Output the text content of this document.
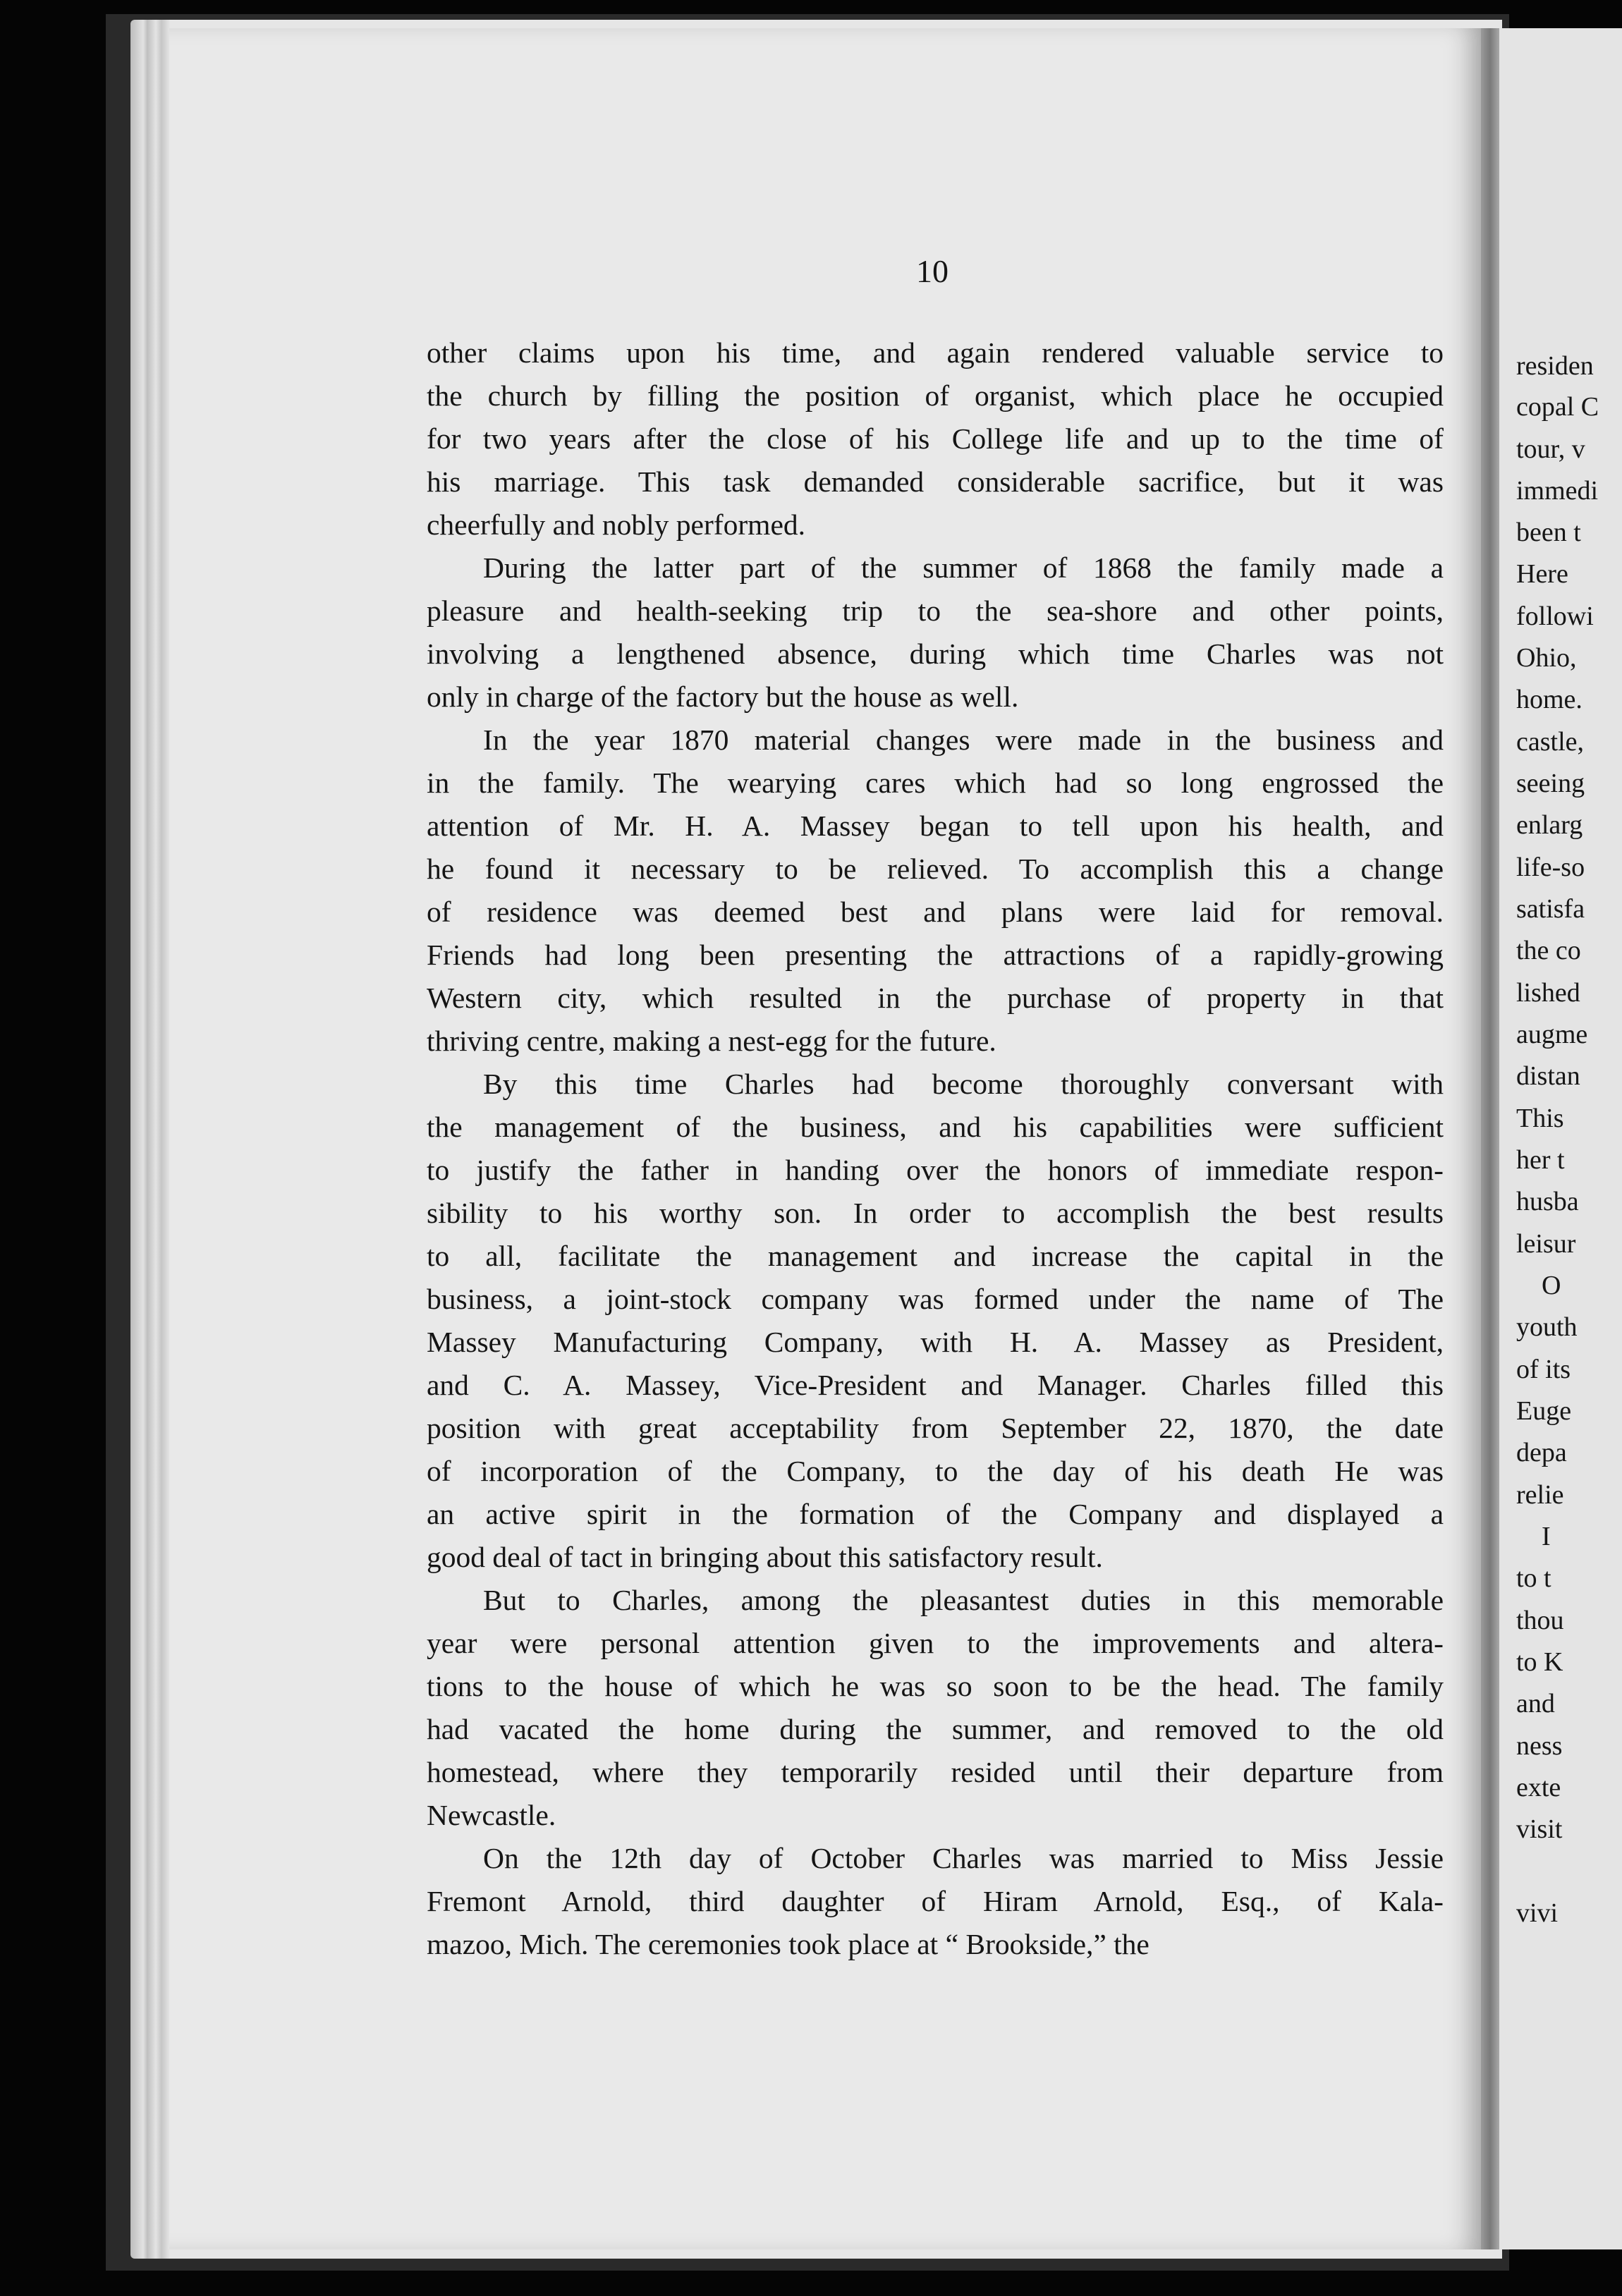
10
other claims upon his time, and again rendered valuable service to
the church by filling the position of organist, which place he occupied
for two years after the close of his College life and up to the time of
his marriage. This task demanded considerable sacrifice, but it was
cheerfully and nobly performed.
During the latter part of the summer of 1868 the family made a
pleasure and health-seeking trip to the sea-shore and other points,
involving a lengthened absence, during which time Charles was not
only in charge of the factory but the house as well.
In the year 1870 material changes were made in the business and
in the family. The wearying cares which had so long engrossed the
attention of Mr. H. A. Massey began to tell upon his health, and
he found it necessary to be relieved. To accomplish this a change
of residence was deemed best and plans were laid for removal.
Friends had long been presenting the attractions of a rapidly-growing
Western city, which resulted in the purchase of property in that
thriving centre, making a nest-egg for the future.
By this time Charles had become thoroughly conversant with
the management of the business, and his capabilities were sufficient
to justify the father in handing over the honors of immediate respon-
sibility to his worthy son. In order to accomplish the best results
to all, facilitate the management and increase the capital in the
business, a joint-stock company was formed under the name of The
Massey Manufacturing Company, with H. A. Massey as President,
and C. A. Massey, Vice-President and Manager. Charles filled this
position with great acceptability from September 22, 1870, the date
of incorporation of the Company, to the day of his death He was
an active spirit in the formation of the Company and displayed a
good deal of tact in bringing about this satisfactory result.
But to Charles, among the pleasantest duties in this memorable
year were personal attention given to the improvements and altera-
tions to the house of which he was so soon to be the head. The family
had vacated the home during the summer, and removed to the old
homestead, where they temporarily resided until their departure from
Newcastle.
On the 12th day of October Charles was married to Miss Jessie
Fremont Arnold, third daughter of Hiram Arnold, Esq., of Kala-
mazoo, Mich. The ceremonies took place at “ Brookside,” the
residen
copal C
tour, v
immedi
been t
Here
followi
Ohio,
home.
castle,
seeing
enlarg
life-so
satisfa
the co
lished
augme
distan
This
her t
husba
leisur
O
youth
of its
Euge
depa
relie
I
to t
thou
to K
and
ness
exte
visit
vivi
